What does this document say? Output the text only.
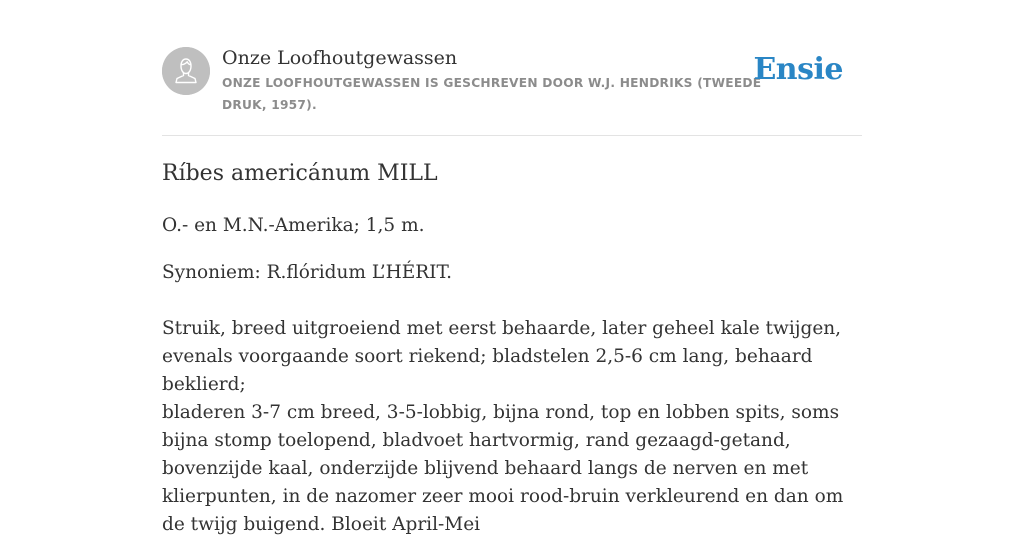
Onze Loofhoutgewassen
ONZE LOOFHOUTGEWASSEN IS GESCHREVEN DOOR W.J. HENDRIKS (TWEEDE DRUK, 1957).
Ensie
Ríbes americánum MILL
O.- en M.N.-Amerika; 1,5 m.
Synoniem: R.flóridum L’HÉRIT.
Struik, breed uitgroeiend met eerst behaarde, later geheel kale twijgen, evenals voorgaande soort riekend; bladstelen 2,5-6 cm lang, behaard beklierd;
bladeren 3-7 cm breed, 3-5-lobbig, bijna rond, top en lobben spits, soms bijna stomp toelopend, bladvoet hartvormig, rand gezaagd-getand, bovenzijde kaal, onderzijde blijvend behaard langs de nerven en met klierpunten, in de nazomer zeer mooi rood-bruin verkleurend en dan om de twijg buigend. Bloeit April-Mei
